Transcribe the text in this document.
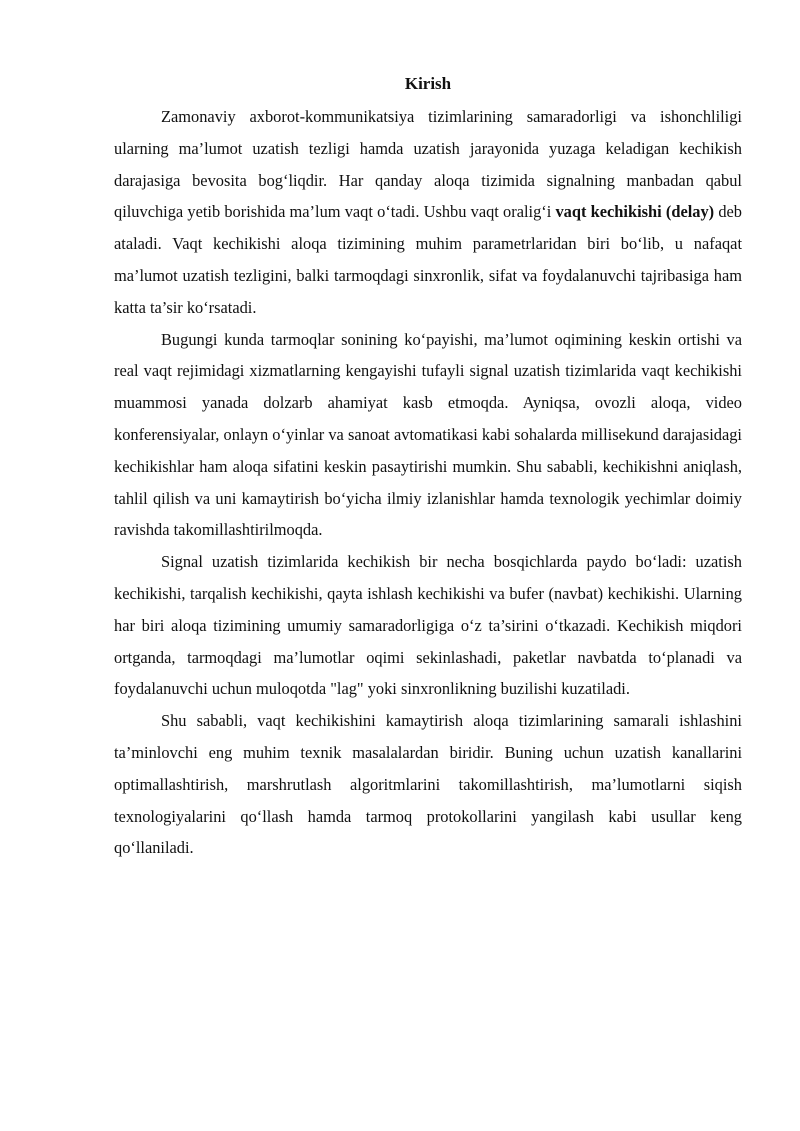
Kirish

Zamonaviy axborot-kommunikatsiya tizimlarining samaradorligi va ishonchliligi ularning ma’lumot uzatish tezligi hamda uzatish jarayonida yuzaga keladigan kechikish darajasiga bevosita bog‘liqdir. Har qanday aloqa tizimida signalning manbadan qabul qiluvchiga yetib borishida ma’lum vaqt o‘tadi. Ushbu vaqt oralig‘i vaqt kechikishi (delay) deb ataladi. Vaqt kechikishi aloqa tizimining muhim parametrlaridan biri bo‘lib, u nafaqat ma’lumot uzatish tezligini, balki tarmoqdagi sinxronlik, sifat va foydalanuvchi tajribasiga ham katta ta’sir ko‘rsatadi.

Bugungi kunda tarmoqlar sonining ko‘payishi, ma’lumot oqimining keskin ortishi va real vaqt rejimidagi xizmatlarning kengayishi tufayli signal uzatish tizimlarida vaqt kechikishi muammosi yanada dolzarb ahamiyat kasb etmoqda. Ayniqsa, ovozli aloqa, video konferensiyalar, onlayn o‘yinlar va sanoat avtomatikasi kabi sohalarda millisekund darajasidagi kechikishlar ham aloqa sifatini keskin pasaytirishi mumkin. Shu sababli, kechikishni aniqlash, tahlil qilish va uni kamaytirish bo‘yicha ilmiy izlanishlar hamda texnologik yechimlar doimiy ravishda takomillashtirilmoqda.

Signal uzatish tizimlarida kechikish bir necha bosqichlarda paydo bo‘ladi: uzatish kechikishi, tarqalish kechikishi, qayta ishlash kechikishi va bufer (navbat) kechikishi. Ularning har biri aloqa tizimining umumiy samaradorligiga o‘z ta’sirini o‘tkazadi. Kechikish miqdori ortganda, tarmoqdagi ma’lumotlar oqimi sekinlashadi, paketlar navbatda to‘planadi va foydalanuvchi uchun muloqotda "lag" yoki sinxronlikning buzilishi kuzatiladi.

Shu sababli, vaqt kechikishini kamaytirish aloqa tizimlarining samarali ishlashini ta’minlovchi eng muhim texnik masalalardan biridir. Buning uchun uzatish kanallarini optimallashtirish, marshrutlash algoritmlarini takomillashtirish, ma’lumotlarni siqish texnologiyalarini qo‘llash hamda tarmoq protokollarini yangilash kabi usullar keng qo‘llaniladi.
